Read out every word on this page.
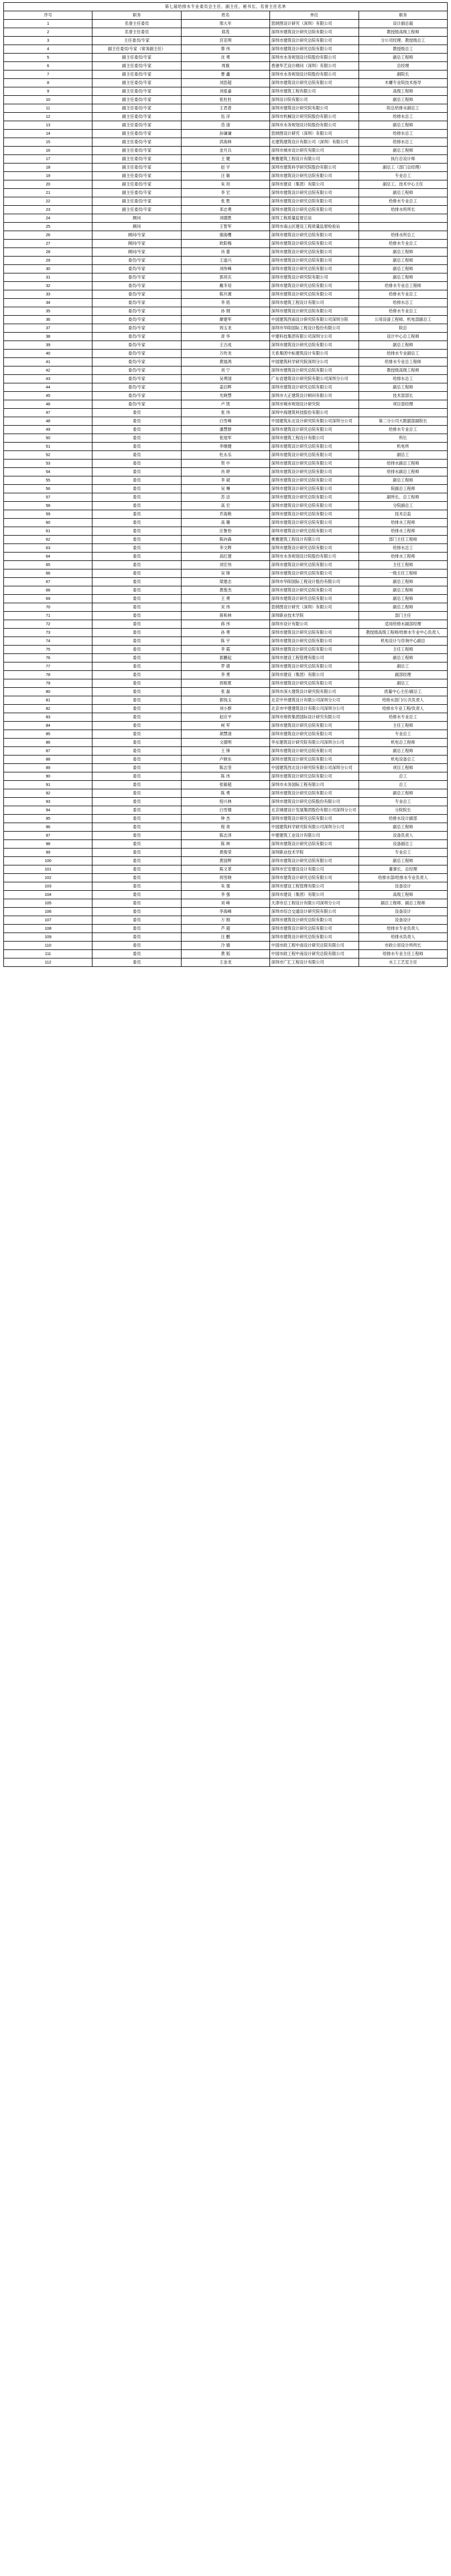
第七届给排水专业委员会主任、副主任、秘书长、名誉主任名单				
序号	职务	姓名	单位	职务
1	名誉主任委员	邢大年	思纳图设计研究（深圳）有限公司	设计副总裁
2	名誉主任委员	郑茂	深圳市建筑设计研究总院有限公司	教授级高级工程师
3	主任委员/专家	宫克明	深圳市建筑设计研究总院有限公司	分公司经理、教授级总工
4	副主任委员/专家（常务副主任）	蔡 伟	深圳市建筑设计研究总院有限公司	教授级总工
5	副主任委员/专家	沈 勇	深圳市水务规划设计院股份有限公司	副总工程师
6	副主任委员/专家	周旗	香港华艺设计顾问（深圳）有限公司	总经理
7	副主任委员/专家	曹 鑫	深圳市水务规划设计院股份有限公司	副院长
8	副主任委员/专家	刘思超	深圳市建筑设计研究总院有限公司	木螺专业院技术指导
9	副主任委员/专家	刘爱嘉	深圳市建筑工程有限公司	高级工程师
10	副主任委员/专家	张杜杜	深圳设计院有限公司	副总工程师
11	副主任委员/专家	王君普	深圳市建筑设计研究院有限公司	院总给排水副总工
12	副主任委员/专家	伍 洋	深圳市机械设计研究院股份有限公司	给排水总工
13	副主任委员/专家	范 清	深圳市水务规划设计院股份有限公司	副总工程师
14	副主任委员/专家	孙谦谦	思纳图设计研究（深圳）有限公司	给排水总工
15	副主任委员/专家	洪海林	北建筑建筑设计有限公司（深圳）有限公司	给排水总工
16	副主任委员/专家	金月兵	深圳市城市设计研究有限公司	副总工程师
17	副主任委员/专家	王 健	奥雅建筑工程设计有限公司	执行总设计师
18	副主任委员/专家	赵 宇	深圳市建筑科学研究院股份有限公司	副总工（部门总经理）
19	副主任委员/专家	汪 敏	深圳市建筑设计研究总院有限公司	专业总工
20	副主任委员/专家	朱 坦	深圳市建设（集团）有限公司	副总工、技术中心主任
21	副主任委员/专家	李 宏	深圳市建筑设计研究总院有限公司	副总工程师
22	副主任委员/专家	张 胜	深圳市建筑设计研究总院有限公司	给排水专业总工
23	副主任委员/专家	邓志勇	深圳市建筑设计研究总院有限公司	给排水所所长
24	顾问	刘德胜	深圳工程质量监督总站	
25	顾问	王智军	深圳市南山区建设工程质量监督检验站	
26	顾问/专家	谢海鹰	深圳市建筑设计研究总院有限公司	给排水所总工
27	顾问/专家	欧阳梅	深圳市建筑设计研究总院有限公司	给排水专业总工
28	顾问/专家	肖 蕾	深圳市建筑设计研究总院有限公司	副总工程师
29	委员/专家	王道兴	深圳市建筑设计研究总院有限公司	副总工程师
30	委员/专家	刘伟峰	深圳市建筑设计研究总院有限公司	副总工程师
31	委员/专家	郭亮庆	深圳市建筑设计研究院有限公司	副总工程师
32	委员/专家	戴冬培	深圳市建筑设计研究总院有限公司	给排水专业总工程师
33	委员/专家	陈开源	深圳市建筑设计研究总院有限公司	给排水专业总工
34	委员/专家	李 铭	深圳市建筑工程设计有限公司	给排水总工
35	委员/专家	孙 钢	深圳市建筑设计研究总院有限公司	给排水专业总工
36	委员/专家	廖建军	中国建筑西南设计研究院有限公司深圳分院	公用设备工程师、机电部副总工
37	委员/专家	周玉龙	深圳市华阳国际工程设计股份有限公司	院总
38	委员/专家	青 华	中建科技集团有限公司深圳分公司	设计中心总工程师
39	委员/专家	王古成	深圳市建筑设计研究总院有限公司	副总工程师
40	委员/专家	万传龙	天系集团中标建筑设计有限公司	给排水专业副总工
41	委员/专家	黄展鸿	中国建筑科学研究院深圳分公司	给排水专业总工程师
42	委员/专家	刘 宁	深圳市建筑设计研究总院有限公司	教授级高级工程师
43	委员/专家	吴勇国	广东省建筑设计研究院有限公司深圳分公司	给排水总工
44	委员/专家	姜启辉	深圳市建筑设计研究总院有限公司	副总工程师
45	委员/专家	光晓慧	深圳市大正建筑设计顾问有限公司	技术部部长
46	委员/专家	卢 凯	深圳市城市规划设计研究院	项目部经理
47	委员	张 伟	深圳中海建筑科技股份有限公司	
48	委员	白雪峰	中国建筑东北设计研究院有限公司深圳分公司	第二分公司大数据部副院长
49	委员	潘慧群	深圳市建筑设计研究总院有限公司	给排水专业总工
50	委员	张旭军	深圳市建筑工程设计有限公司	所长
51	委员	李继健	深圳市建筑设计研究总院有限公司	机电所
52	委员	杜永乐	深圳市建筑设计研究总院有限公司	副总工
53	委员	贺 中	深圳市建筑设计研究总院有限公司	给排水副总工程师
54	委员	肖 婷	深圳市建筑设计研究总院有限公司	给排水副总工程师
55	委员	李 斌	深圳市建筑设计研究总院有限公司	副总工程师
56	委员	吴 琳	深圳市建筑设计研究总院有限公司	院副总工程师
57	委员	苏 洁	深圳市建筑设计研究总院有限公司	副所长、总工程师
58	委员	高 宏	深圳市建筑设计研究总院有限公司	分院副总工
59	委员	乔海艳	深圳市建筑设计研究总院有限公司	技术总监
60	委员	高 珊	深圳市建筑设计研究总院有限公司	给排水工程师
61	委员	汪鲁怡	深圳市建筑设计研究总院有限公司	给排水工程师
62	委员	陈向森	奥雅建筑工程设计有限公司	部门主任工程师
63	委员	李文辉	深圳市建筑设计研究总院有限公司	给排水总工
64	委员	高红建	深圳市水务规划设计院股份有限公司	给排水工程师
65	委员	刘宏伟	深圳市建筑设计研究总院有限公司	主任工程师
66	委员	吴 锋	深圳市建筑设计研究总院有限公司	一级主任工程师
67	委员	梁建志	深圳市华阳国际工程设计股份有限公司	副总工程师
68	委员	黄俊杰	深圳市建筑设计研究总院有限公司	副总工程师
69	委员	王 勇	深圳市建筑设计研究总院有限公司	副总工程师
70	委员	宋 伟	思纳图设计研究（深圳）有限公司	副总工程师
71	委员	蒋和林	深圳职业技术学院	部门主任
72	委员	蒋 伟	深圳市设计有限公司	适用给排水副部经理
73	委员	孙 勇	深圳市建筑设计研究总院有限公司	教授级高级工程师/给排水专业中心负责人
74	委员	陈 宇	深圳市建筑设计研究总院有限公司	机电设计与咨询中心副总
75	委员	李 霞	深圳市建筑设计研究总院有限公司	主任工程师
76	委员	郭鹏起	深圳市建设工程管理有限公司	副总工程师
77	委员	罗 倩	深圳市建筑设计研究总院有限公司	副总工
78	委员	李 勇	深圳市建设（集团）有限公司	副部经理
79	委员	周相夏	深圳市建筑设计研究总院有限公司	副总工
80	委员	张 磊	深圳市深大建筑设计研究院有限公司	质量中心主任/副总工
81	委员	郭钱玉	北京中外建筑设计有限公司深圳分公司	给排水部门/公共负责人
82	委员	刘小群	北京市中建建筑设计有限公司深圳分公司	给排水专业工程/负责人
83	委员	赵应平	深圳市地铁集团国际设计研究有限公司	给排水专业总工
84	委员	柯 军	深圳市建筑设计研究总院有限公司	主任工程师
85	委员	胡慧清	深圳市建筑设计研究总院有限公司	专业总工
86	委员	文德明	华东建筑设计研究院有限公司深圳分公司	机电总工程师
87	委员	王 锋	深圳市建筑设计研究总院有限公司	副总工程师
88	委员	卢晓东	深圳市建筑设计研究总院有限公司	机电设备总工
89	委员	陈志坚	中国建筑西北设计研究院有限公司深圳分公司	项目工程师
90	委员	陈 伟	深圳市建筑设计研究总院有限公司	总工
91	委员	张敏超	深圳市水务国际工程有限公司	总工
92	委员	陈 勇	深圳市建筑设计研究总院有限公司	副总工程师
93	委员	倪兴林	深圳市建筑设计研究总院股份有限公司	专业总工
94	委员	白雪楼	北京城建设计发展集团股份有限公司深圳分公司	分院院长
95	委员	钟 杰	深圳市建筑设计研究总院有限公司	给排水设计副部
96	委员	程 青	中国建筑科学研究院有限公司深圳分公司	副总工程师
97	委员	陈志泽	中建建筑工业设计有限公司	设备负责人
98	委员	陈 林	深圳市建筑设计研究总院有限公司	设备副总工
99	委员	黄俊荣	深圳职业技术学院	专业总工
100	委员	黄国辉	深圳市建筑设计研究总院有限公司	副总工程师
101	委员	陈文革	深圳市宏安建设设计有限公司	董事长、总经理
102	委员	周雪晓	深圳市建筑设计研究总院有限公司	给排水部/给排水专业负责人
103	委员	朱 强	深圳市建设工程管理有限公司	设备设计
104	委员	李 强	深圳市建设（集团）有限公司	高级工程师
105	委员	刘 峰	天津市总工程设计有限公司深圳分公司	副总工程师、副总工程师
106	委员	李海峰	深圳市综合交通设计研究院有限公司	设备设计
107	委员	万 刚	深圳市建筑设计研究总院有限公司	设备设计
108	委员	芦 超	深圳市建筑设计研究总院有限公司	给排水专业负责人
109	委员	汪 鹏	深圳市建筑设计研究总院有限公司	给排水负责人
110	委员	冷 婧	中国市政工程中南设计研究总院有限公司	市政公用设计所所长
111	委员	黄 韬	中国市政工程中南设计研究总院有限公司	给排水专业主任工程师
112	委员	王金龙	深圳市广汇工程设计有限公司	水工工艺室主任
